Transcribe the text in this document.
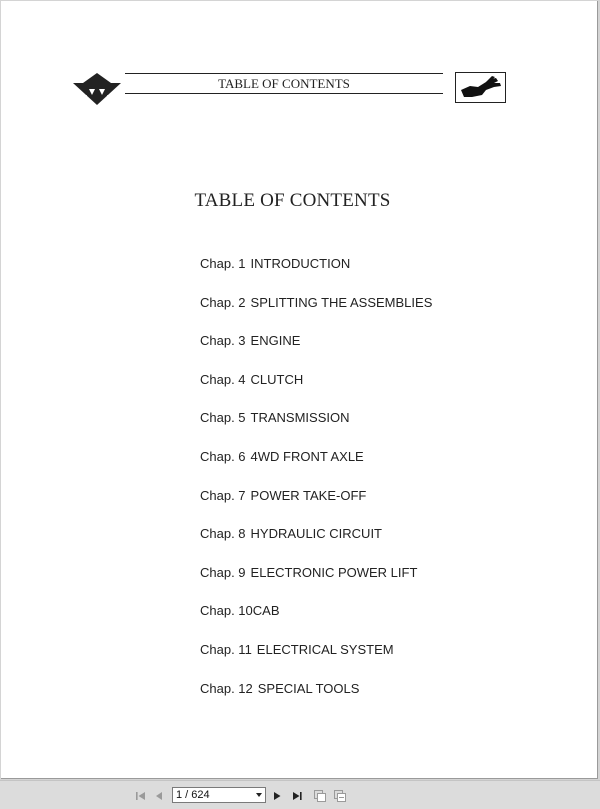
TABLE OF CONTENTS
TABLE OF CONTENTS
Chap. 1 INTRODUCTION
Chap. 2 SPLITTING THE ASSEMBLIES
Chap. 3 ENGINE
Chap. 4 CLUTCH
Chap. 5 TRANSMISSION
Chap. 6 4WD FRONT AXLE
Chap. 7 POWER TAKE-OFF
Chap. 8 HYDRAULIC CIRCUIT
Chap. 9 ELECTRONIC POWER LIFT
Chap. 10CAB
Chap. 11 ELECTRICAL SYSTEM
Chap. 12 SPECIAL TOOLS
1 / 624
